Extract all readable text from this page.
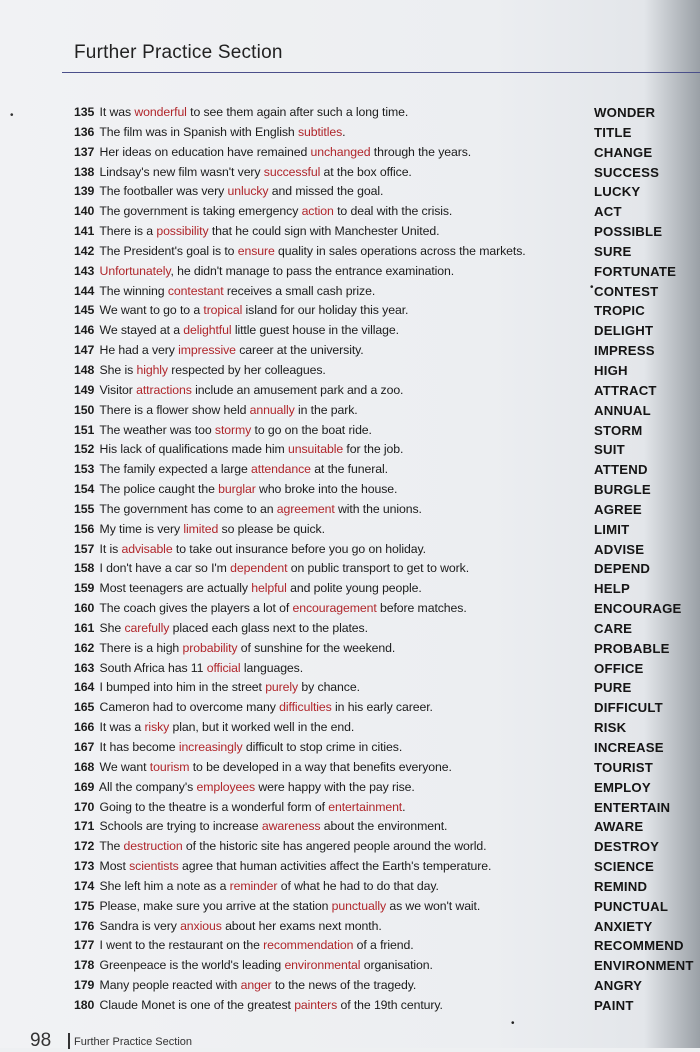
Further Practice Section
•
•
•
135 It was wonderful to see them again after such a long time.	WONDER
136 The film was in Spanish with English subtitles.	TITLE
137 Her ideas on education have remained unchanged through the years.	CHANGE
138 Lindsay's new film wasn't very successful at the box office.	SUCCESS
139 The footballer was very unlucky and missed the goal.	LUCKY
140 The government is taking emergency action to deal with the crisis.	ACT
141 There is a possibility that he could sign with Manchester United.	POSSIBLE
142 The President's goal is to ensure quality in sales operations across the markets.	SURE
143 Unfortunately, he didn't manage to pass the entrance examination.	FORTUNATE
144 The winning contestant receives a small cash prize.	CONTEST
145 We want to go to a tropical island for our holiday this year.	TROPIC
146 We stayed at a delightful little guest house in the village.	DELIGHT
147 He had a very impressive career at the university.	IMPRESS
148 She is highly respected by her colleagues.	HIGH
149 Visitor attractions include an amusement park and a zoo.	ATTRACT
150 There is a flower show held annually in the park.	ANNUAL
151 The weather was too stormy to go on the boat ride.	STORM
152 His lack of qualifications made him unsuitable for the job.	SUIT
153 The family expected a large attendance at the funeral.	ATTEND
154 The police caught the burglar who broke into the house.	BURGLE
155 The government has come to an agreement with the unions.	AGREE
156 My time is very limited so please be quick.	LIMIT
157 It is advisable to take out insurance before you go on holiday.	ADVISE
158 I don't have a car so I'm dependent on public transport to get to work.	DEPEND
159 Most teenagers are actually helpful and polite young people.	HELP
160 The coach gives the players a lot of encouragement before matches.	ENCOURAGE
161 She carefully placed each glass next to the plates.	CARE
162 There is a high probability of sunshine for the weekend.	PROBABLE
163 South Africa has 11 official languages.	OFFICE
164 I bumped into him in the street purely by chance.	PURE
165 Cameron had to overcome many difficulties in his early career.	DIFFICULT
166 It was a risky plan, but it worked well in the end.	RISK
167 It has become increasingly difficult to stop crime in cities.	INCREASE
168 We want tourism to be developed in a way that benefits everyone.	TOURIST
169 All the company's employees were happy with the pay rise.	EMPLOY
170 Going to the theatre is a wonderful form of entertainment.	ENTERTAIN
171 Schools are trying to increase awareness about the environment.	AWARE
172 The destruction of the historic site has angered people around the world.	DESTROY
173 Most scientists agree that human activities affect the Earth's temperature.	SCIENCE
174 She left him a note as a reminder of what he had to do that day.	REMIND
175 Please, make sure you arrive at the station punctually as we won't wait.	PUNCTUAL
176 Sandra is very anxious about her exams next month.	ANXIETY
177 I went to the restaurant on the recommendation of a friend.	RECOMMEND
178 Greenpeace is the world's leading environmental organisation.	ENVIRONMENT
179 Many people reacted with anger to the news of the tragedy.	ANGRY
180 Claude Monet is one of the greatest painters of the 19th century.	PAINT
98 Further Practice Section
